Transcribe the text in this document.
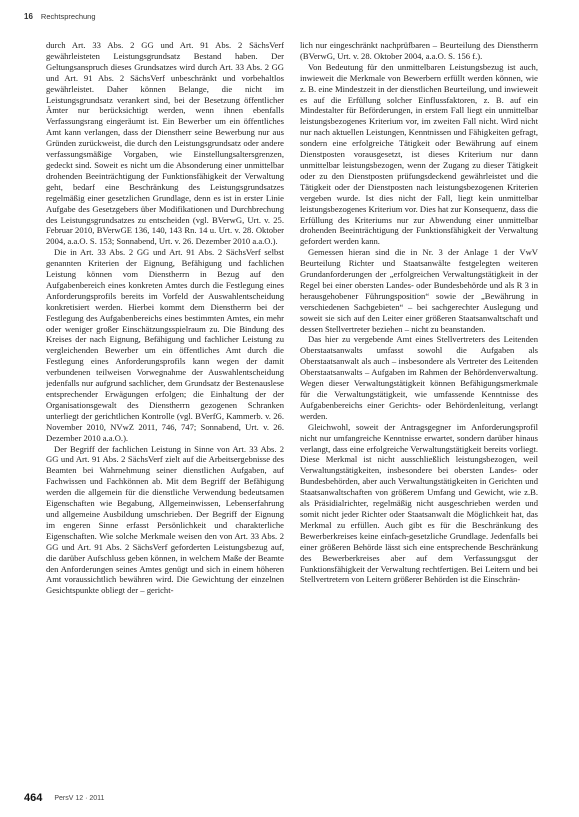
16 Rechtsprechung

durch Art. 33 Abs. 2 GG und Art. 91 Abs. 2 SächsVerf gewährleisteten Leistungsgrundsatz Bestand haben. Der Geltungsanspruch dieses Grundsatzes wird durch Art. 33 Abs. 2 GG und Art. 91 Abs. 2 SächsVerf unbeschränkt und vorbehaltlos gewährleistet. Daher können Belange, die nicht im Leistungsgrundsatz verankert sind, bei der Besetzung öffentlicher Ämter nur berücksichtigt werden, wenn ihnen ebenfalls Verfassungsrang eingeräumt ist. Ein Bewerber um ein öffentliches Amt kann verlangen, dass der Dienstherr seine Bewerbung nur aus Gründen zurückweist, die durch den Leistungsgrundsatz oder andere verfassungsmäßige Vorgaben, wie Einstellungsaltersgrenzen, gedeckt sind. Soweit es nicht um die Absonderung einer unmittelbar drohenden Beeinträchtigung der Funktionsfähigkeit der Verwaltung geht, bedarf eine Beschränkung des Leistungsgrundsatzes regelmäßig einer gesetzlichen Grundlage, denn es ist in erster Linie Aufgabe des Gesetzgebers über Modifikationen und Durchbrechung des Leistungsgrundsatzes zu entscheiden (vgl. BVerwG, Urt. v. 25. Februar 2010, BVerwGE 136, 140, 143 Rn. 14 u. Urt. v. 28. Oktober 2004, a.a.O. S. 153; Sonnabend, Urt. v. 26. Dezember 2010 a.a.O.).

Die in Art. 33 Abs. 2 GG und Art. 91 Abs. 2 SächsVerf selbst genannten Kriterien der Eignung, Befähigung und fachlichen Leistung können vom Dienstherrn in Bezug auf den Aufgabenbereich eines konkreten Amtes durch die Festlegung eines Anforderungsprofils bereits im Vorfeld der Auswahlentscheidung konkretisiert werden. Hierbei kommt dem Dienstherrn bei der Festlegung des Aufgabenbereichs eines bestimmten Amtes, ein mehr oder weniger großer Einschätzungsspielraum zu. Die Bindung des Kreises der nach Eignung, Befähigung und fachlicher Leistung zu vergleichenden Bewerber um ein öffentliches Amt durch die Festlegung eines Anforderungsprofils kann wegen der damit verbundenen teilweisen Vorwegnahme der Auswahlentscheidung jedenfalls nur aufgrund sachlicher, dem Grundsatz der Bestenauslese entsprechender Erwägungen erfolgen; die Einhaltung der der Organisationsgewalt des Dienstherrn gezogenen Schranken unterliegt der gerichtlichen Kontrolle (vgl. BVerfG, Kammerb. v. 26. November 2010, NVwZ 2011, 746, 747; Sonnabend, Urt. v. 26. Dezember 2010 a.a.O.).

Der Begriff der fachlichen Leistung in Sinne von Art. 33 Abs. 2 GG und Art. 91 Abs. 2 SächsVerf zielt auf die Arbeitsergebnisse des Beamten bei Wahrnehmung seiner dienstlichen Aufgaben, auf Fachwissen und Fachkönnen ab. Mit dem Begriff der Befähigung werden die allgemein für die dienstliche Verwendung bedeutsamen Eigenschaften wie Begabung, Allgemeinwissen, Lebenserfahrung und allgemeine Ausbildung umschrieben. Der Begriff der Eignung im engeren Sinne erfasst Persönlichkeit und charakterliche Eigenschaften. Wie solche Merkmale weisen den von Art. 33 Abs. 2 GG und Art. 91 Abs. 2 SächsVerf geforderten Leistungsbezug auf, die darüber Aufschluss geben können, in welchem Maße der Beamte den Anforderungen seines Amtes genügt und sich in einem höheren Amt voraussichtlich bewähren wird. Die Gewichtung der einzelnen Gesichtspunkte obliegt der – gericht-

lich nur eingeschränkt nachprüfbaren – Beurteilung des Dienstherrn (BVerwG, Urt. v. 28. Oktober 2004, a.a.O. S. 156 f.).

Von Bedeutung für den unmittelbaren Leistungsbezug ist auch, inwieweit die Merkmale von Bewerbern erfüllt werden können, wie z. B. eine Mindestzeit in der dienstlichen Beurteilung, und inwieweit es auf die Erfüllung solcher Einflussfaktoren, z. B. auf ein Mindestalter für Beförderungen, in erstem Fall liegt ein unmittelbar leistungsbezogenes Kriterium vor, im zweiten Fall nicht. Wird nicht nur nach aktuellen Leistungen, Kenntnissen und Fähigkeiten gefragt, sondern eine erfolgreiche Tätigkeit oder Bewährung auf einem Dienstposten vorausgesetzt, ist dieses Kriterium nur dann unmittelbar leistungsbezogen, wenn der Zugang zu dieser Tätigkeit oder zu den Dienstposten prüfungsdeckend gewährleistet und die Tätigkeit oder der Dienstposten nach leistungsbezogenen Kriterien vergeben wurde. Ist dies nicht der Fall, liegt kein unmittelbar leistungsbezogenes Kriterium vor. Dies hat zur Konsequenz, dass die Erfüllung des Kriteriums nur zur Abwendung einer unmittelbar drohenden Beeinträchtigung der Funktionsfähigkeit der Verwaltung gefordert werden kann.

Gemessen hieran sind die in Nr. 3 der Anlage 1 der VwV Beurteilung Richter und Staatsanwälte festgelegten weiteren Grundanforderungen der „erfolgreichen Verwaltungstätigkeit in der Regel bei einer obersten Landes- oder Bundesbehörde und als R 3 in herausgehobener Führungsposition“ sowie der „Bewährung in verschiedenen Sachgebieten“ – bei sachgerechter Auslegung und soweit sie sich auf den Leiter einer größeren Staatsanwaltschaft und dessen Stellvertreter beziehen – nicht zu beanstanden.

Das hier zu vergebende Amt eines Stellvertreters des Leitenden Oberstaatsanwalts umfasst sowohl die Aufgaben als Oberstaatsanwalt als auch – insbesondere als Vertreter des Leitenden Oberstaatsanwalts – Aufgaben im Rahmen der Behördenverwaltung. Wegen dieser Verwaltungstätigkeit können Befähigungsmerkmale für die Verwaltungstätigkeit, wie umfassende Kenntnisse des Aufgabenbereichs einer Gerichts- oder Behördenleitung, verlangt werden.

Gleichwohl, soweit der Antragsgegner im Anforderungsprofil nicht nur umfangreiche Kenntnisse erwartet, sondern darüber hinaus verlangt, dass eine erfolgreiche Verwaltungstätigkeit bereits vorliegt. Diese Merkmal ist nicht ausschließlich leistungsbezogen, weil Verwaltungstätigkeiten, insbesondere bei obersten Landes- oder Bundesbehörden, aber auch Verwaltungstätigkeiten in Gerichten und Staatsanwaltschaften von größerem Umfang und Gewicht, wie z.B. als Präsidialrichter, regelmäßig nicht ausgeschrieben werden und somit nicht jeder Richter oder Staatsanwalt die Möglichkeit hat, das Merkmal zu erfüllen. Auch gibt es für die Beschränkung des Bewerberkreises keine einfach-gesetzliche Grundlage. Jedenfalls bei einer größeren Behörde lässt sich eine entsprechende Beschränkung des Bewerberkreises aber auf dem Verfassungsgut der Funktionsfähigkeit der Verwaltung rechtfertigen. Bei Leitern und bei Stellvertretern von Leitern größerer Behörden ist die Einschrän-

464 PersV 12 · 2011
